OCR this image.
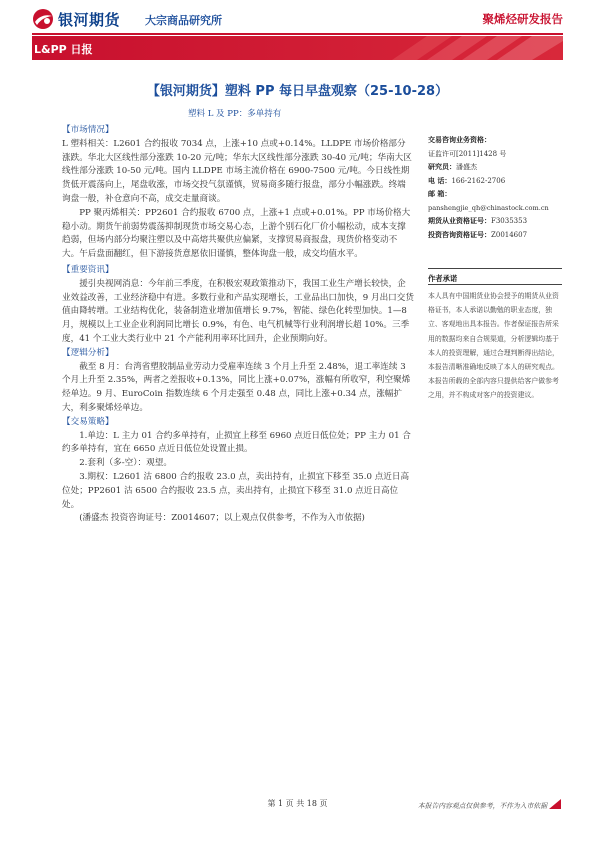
银河期货 大宗商品研究所	聚烯烃研发报告
L&PP 日报
【银河期货】塑料 PP 每日早盘观察（25-10-28）
塑料 L 及 PP：多单持有

【市场情况】

L 塑料相关：L2601 合约报收 7034 点，上涨+10 点或+0.14%。LLDPE 市场价格部分涨跌。华北大区线性部分涨跌 10-20 元/吨；华东大区线性部分涨跌 30-40 元/吨；华南大区线性部分涨跌 10-50 元/吨。国内 LLDPE 市场主流价格在 6900-7500 元/吨。今日线性期货低开震荡向上，尾盘收涨，市场交投气氛谨慎，贸易商多随行报盘，部分小幅涨跌。终端询盘一般，补仓意向不高，成交走量商谈。

PP 聚丙烯相关：PP2601 合约报收 6700 点，上涨+1 点或+0.01%。PP 市场价格大稳小动。期货午前弱势震荡抑制现货市场交易心态，上游个别石化厂价小幅松动，成本支撑趋弱，但场内部分均聚注塑以及中高熔共聚供应偏紧，支撑贸易商报盘，现货价格变动不大。午后盘面翻红，但下游接货意愿依旧谨慎，整体询盘一般，成交均值水平。

【重要资讯】

援引央视网消息：今年前三季度，在积极宏观政策推动下，我国工业生产增长较快，企业效益改善，工业经济稳中有进。多数行业和产品实现增长，工业品出口加快，9 月出口交货值由降转增。工业结构优化，装备制造业增加值增长 9.7%，智能、绿色化转型加快。1—8 月，规模以上工业企业利润同比增长 0.9%，有色、电气机械等行业利润增长超 10%。三季度，41 个工业大类行业中 21 个产能利用率环比回升，企业预期向好。

【逻辑分析】

截至 8 月：台湾省塑胶制品业劳动力受雇率连续 3 个月上升至 2.48%，退工率连续 3 个月上升至 2.35%，两者之差报收+0.13%，同比上涨+0.07%，涨幅有所收窄，利空聚烯烃单边。9 月、EuroCoin 指数连续 6 个月走强至 0.48 点，同比上涨+0.34 点，涨幅扩大，利多聚烯烃单边。

【交易策略】

1.单边：L 主力 01 合约多单持有，止损宜上移至 6960 点近日低位处；PP 主力 01 合约多单持有，宜在 6650 点近日低位处设置止损。

2.套利（多-空）：观望。

3.期权：L2601 沽 6800 合约报收 23.0 点，卖出持有，止损宜下移至 35.0 点近日高位处；PP2601 沽 6500 合约报收 23.5 点，卖出持有，止损宜下移至 31.0 点近日高位处。

(潘盛杰 投资咨询证号：Z0014607；以上观点仅供参考，不作为入市依据)

交易咨询业务资格：
证监许可[2011]1428 号
研究员：潘盛杰
电 话：166-2162-2706
邮 箱：
panshengjie_qh@chinastock.com.cn
期货从业资格证号：F3035353
投资咨询资格证号：Z0014607
作者承诺
本人具有中国期货业协会授予的期货从业资格证书，本人承诺以勤勉的职业态度，独立、客观地出具本报告。作者保证报告所采用的数据均来自合规渠道，分析逻辑均基于本人的投资理解，通过合理判断得出结论，本报告清晰准确地反映了本人的研究观点。本报告所载的全部内容只提供给客户做参考之用，并不构成对客户的投资建议。
第 1 页 共 18 页	本报告内容观点仅供参考，不作为入市依据
